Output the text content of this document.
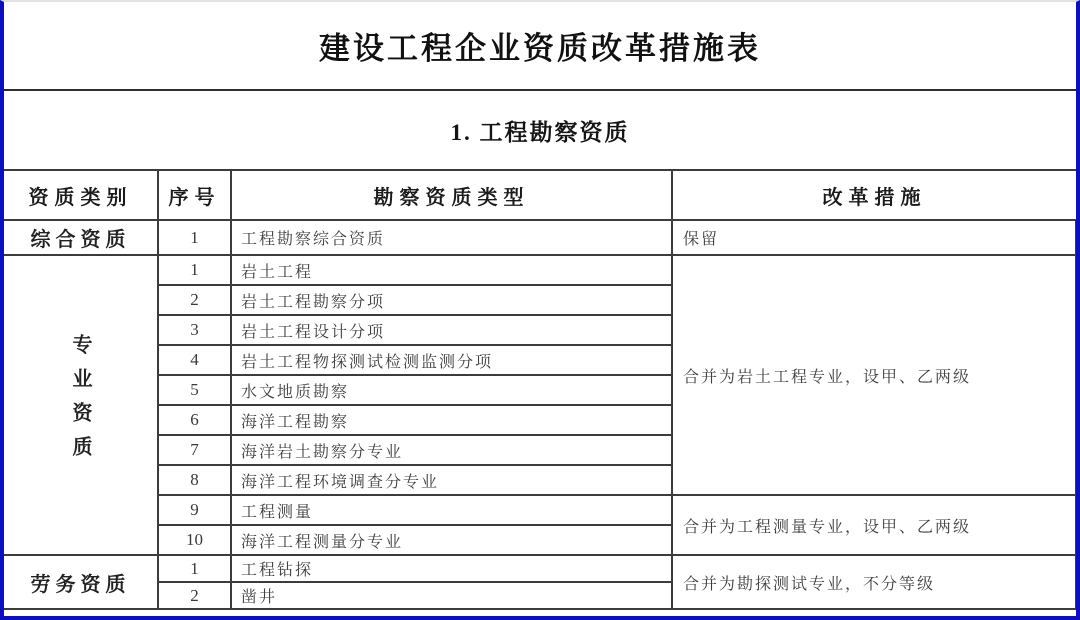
建设工程企业资质改革措施表
1. 工程勘察资质
资质类别	序号	勘察资质类型	改革措施
综合资质	1	工程勘察综合资质	保留
专业资质	1	岩土工程	合并为岩土工程专业，设甲、乙两级
	2	岩土工程勘察分项	
	3	岩土工程设计分项	
	4	岩土工程物探测试检测监测分项	
	5	水文地质勘察	
	6	海洋工程勘察	
	7	海洋岩土勘察分专业	
	8	海洋工程环境调查分专业	
	9	工程测量	合并为工程测量专业，设甲、乙两级
	10	海洋工程测量分专业	
劳务资质	1	工程钻探	合并为勘探测试专业，不分等级
	2	凿井	
